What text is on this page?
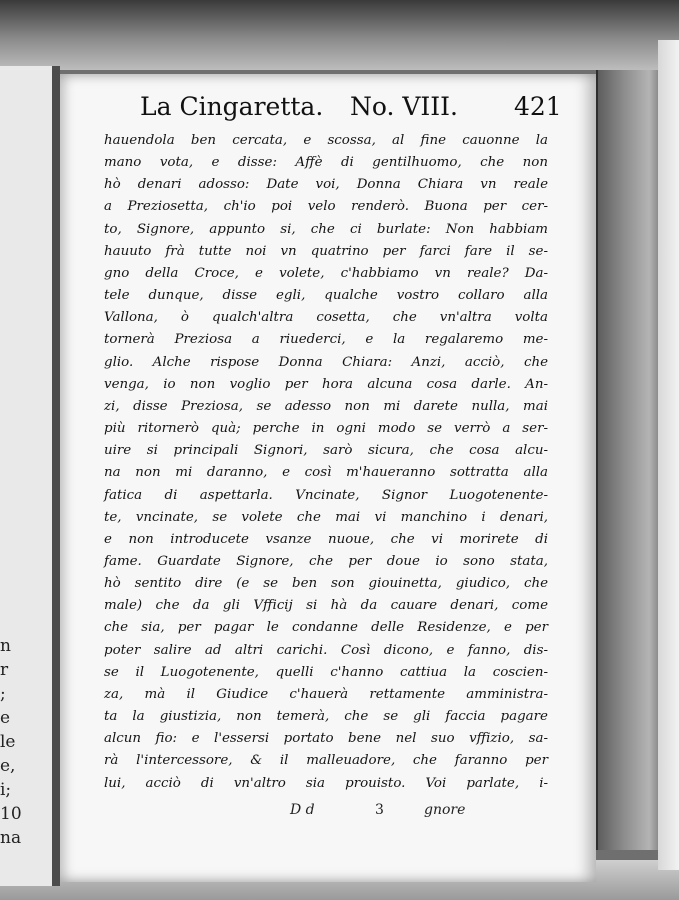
n
r
;
e
le
e,
i;
10
na
La Cingaretta. No. VIII. 421
hauendola ben cercata, e scossa, al fine cauonne la
mano vota, e disse: Affè di gentilhuomo, che non
hò denari adosso: Date voi, Donna Chiara vn reale
a Preziosetta, ch'io poi velo renderò. Buona per cer-
to, Signore, appunto si, che ci burlate: Non habbiam
hauuto frà tutte noi vn quatrino per farci fare il se-
gno della Croce, e volete, c'habbiamo vn reale? Da-
tele dunque, disse egli, qualche vostro collaro alla
Vallona, ò qualch'altra cosetta, che vn'altra volta
tornerà Preziosa a riuederci, e la regalaremo me-
glio. Alche rispose Donna Chiara: Anzi, acciò, che
venga, io non voglio per hora alcuna cosa darle. An-
zi, disse Preziosa, se adesso non mi darete nulla, mai
più ritornerò quà; perche in ogni modo se verrò a ser-
uire si principali Signori, sarò sicura, che cosa alcu-
na non mi daranno, e così m'haueranno sottratta alla
fatica di aspettarla. Vncinate, Signor Luogotenente-
te, vncinate, se volete che mai vi manchino i denari,
e non introducete vsanze nuoue, che vi morirete di
fame. Guardate Signore, che per doue io sono stata,
hò sentito dire (e se ben son giouinetta, giudico, che
male) che da gli Vfficij si hà da cauare denari, come
che sia, per pagar le condanne delle Residenze, e per
poter salire ad altri carichi. Così dicono, e fanno, dis-
se il Luogotenente, quelli c'hanno cattiua la coscien-
za, mà il Giudice c'hauerà rettamente amministra-
ta la giustizia, non temerà, che se gli faccia pagare
alcun fio: e l'essersi portato bene nel suo vffizio, sa-
rà l'intercessore, & il malleuadore, che faranno per
lui, acciò di vn'altro sia prouisto. Voi parlate, i-
D d	3	gnore
